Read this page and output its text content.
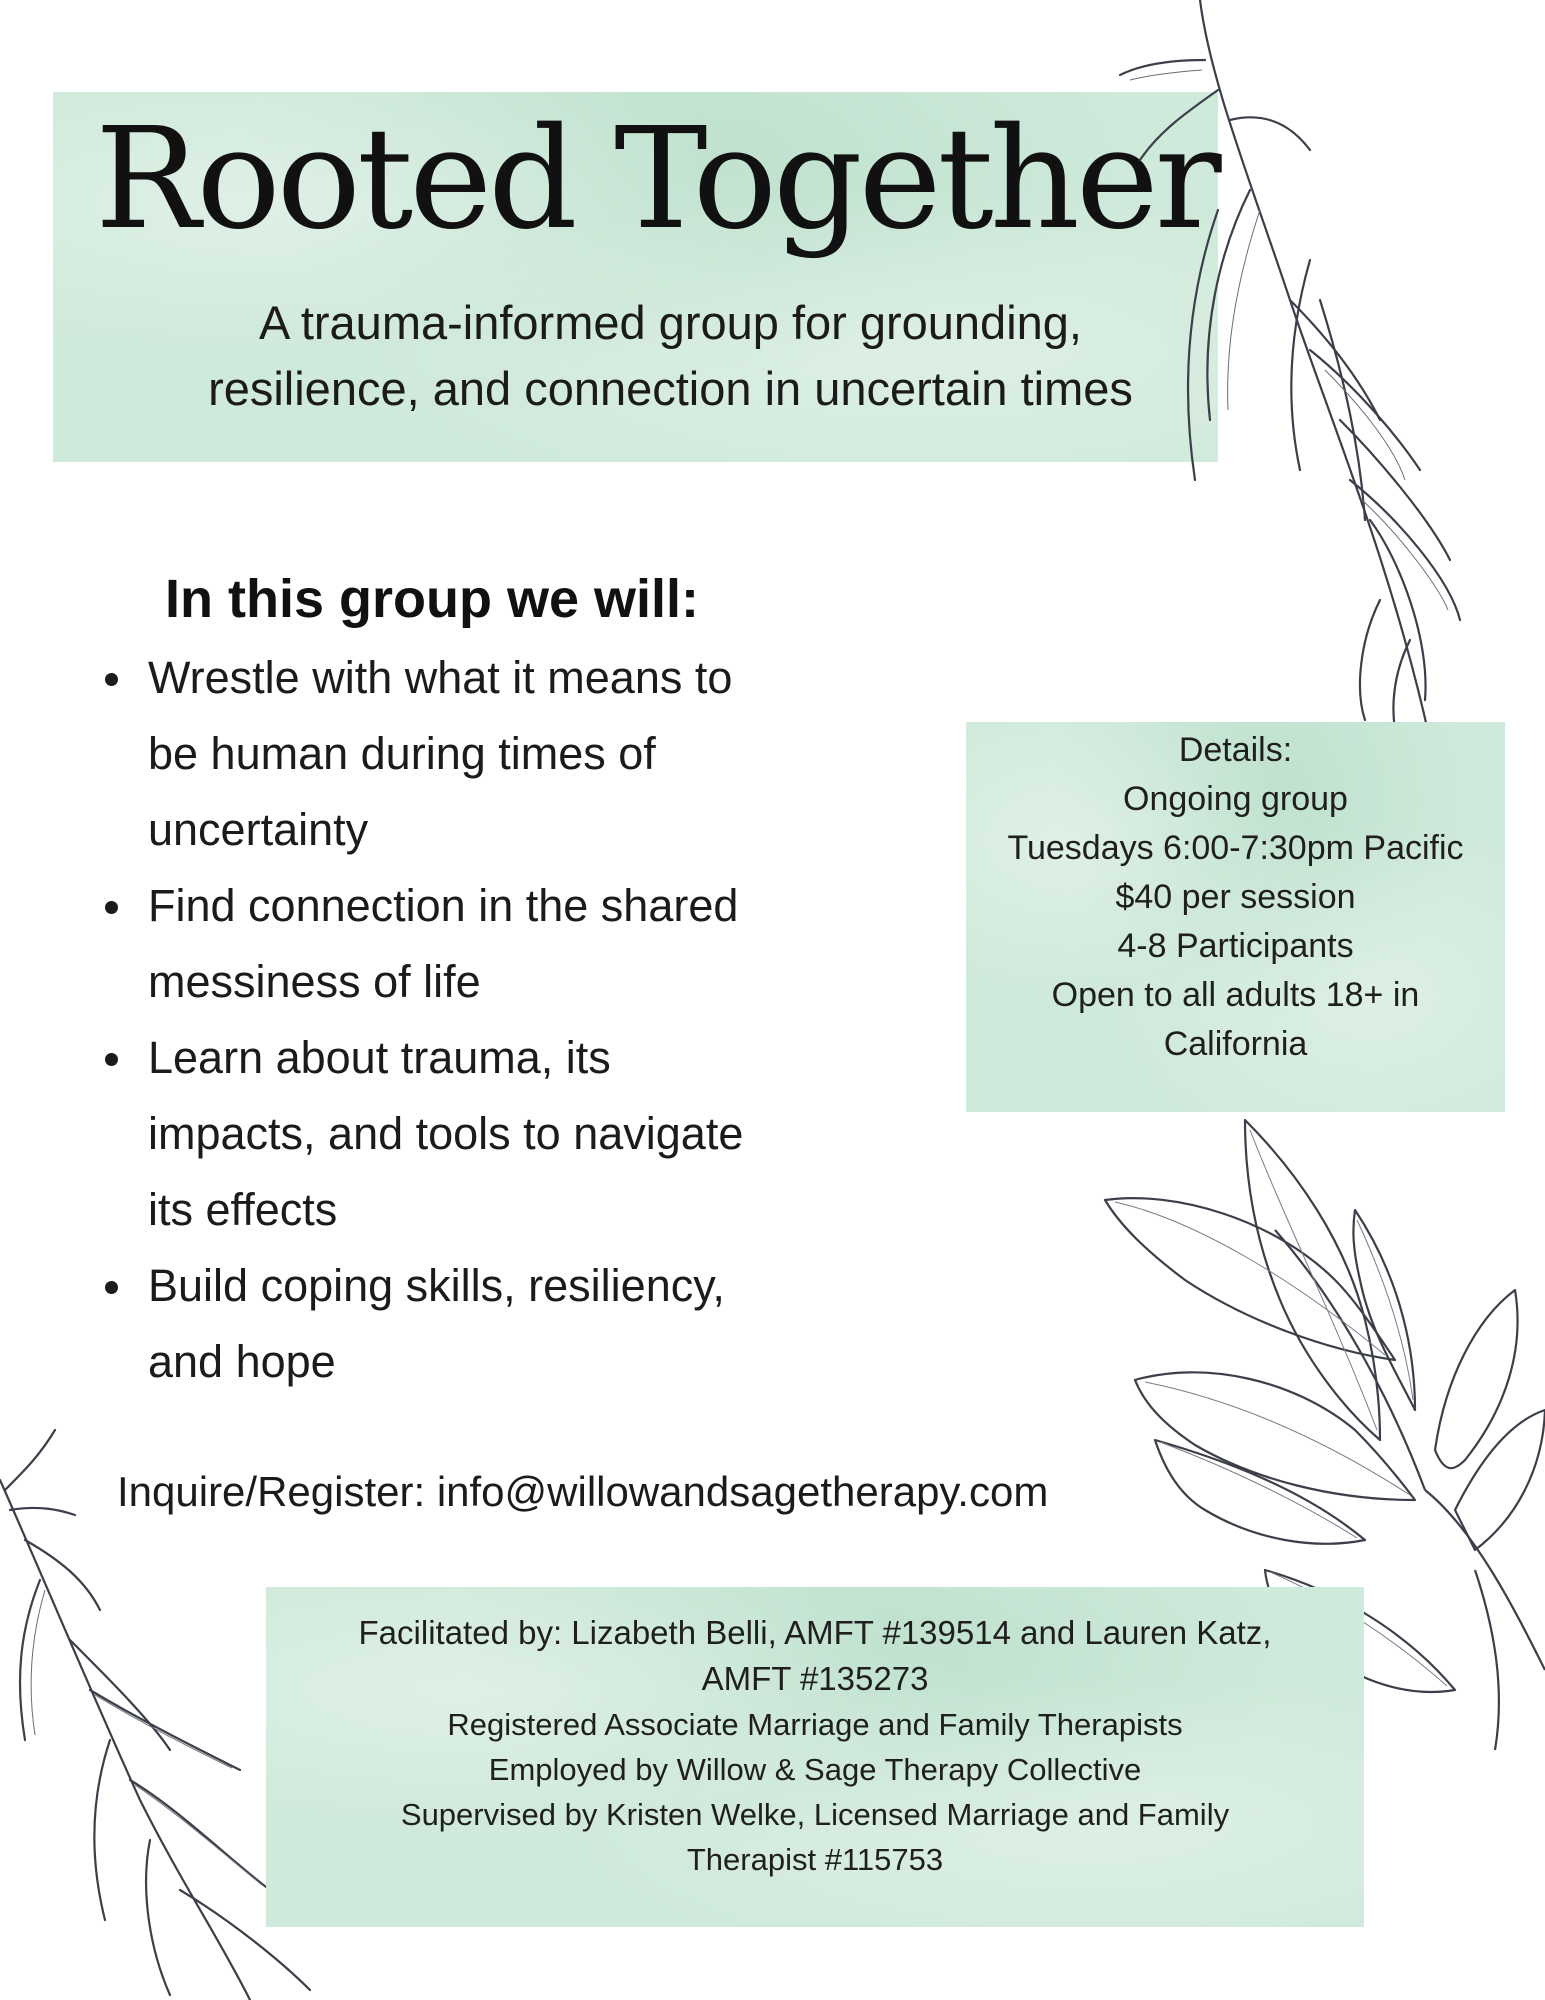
Rooted Together

A trauma-informed group for grounding,
resilience, and connection in uncertain times

In this group we will:
Wrestle with what it means to
be human during times of
uncertainty
Find connection in the shared
messiness of life
Learn about trauma, its
impacts, and tools to navigate
its effects
Build coping skills, resiliency,
and hope
Details:
Ongoing group
Tuesdays 6:00-7:30pm Pacific
$40 per session
4-8 Participants
Open to all adults 18+ in
California

Inquire/Register: info@willowandsagetherapy.com

Facilitated by: Lizabeth Belli, AMFT #139514 and Lauren Katz,
AMFT #135273
Registered Associate Marriage and Family Therapists
Employed by Willow & Sage Therapy Collective
Supervised by Kristen Welke, Licensed Marriage and Family
Therapist #115753
